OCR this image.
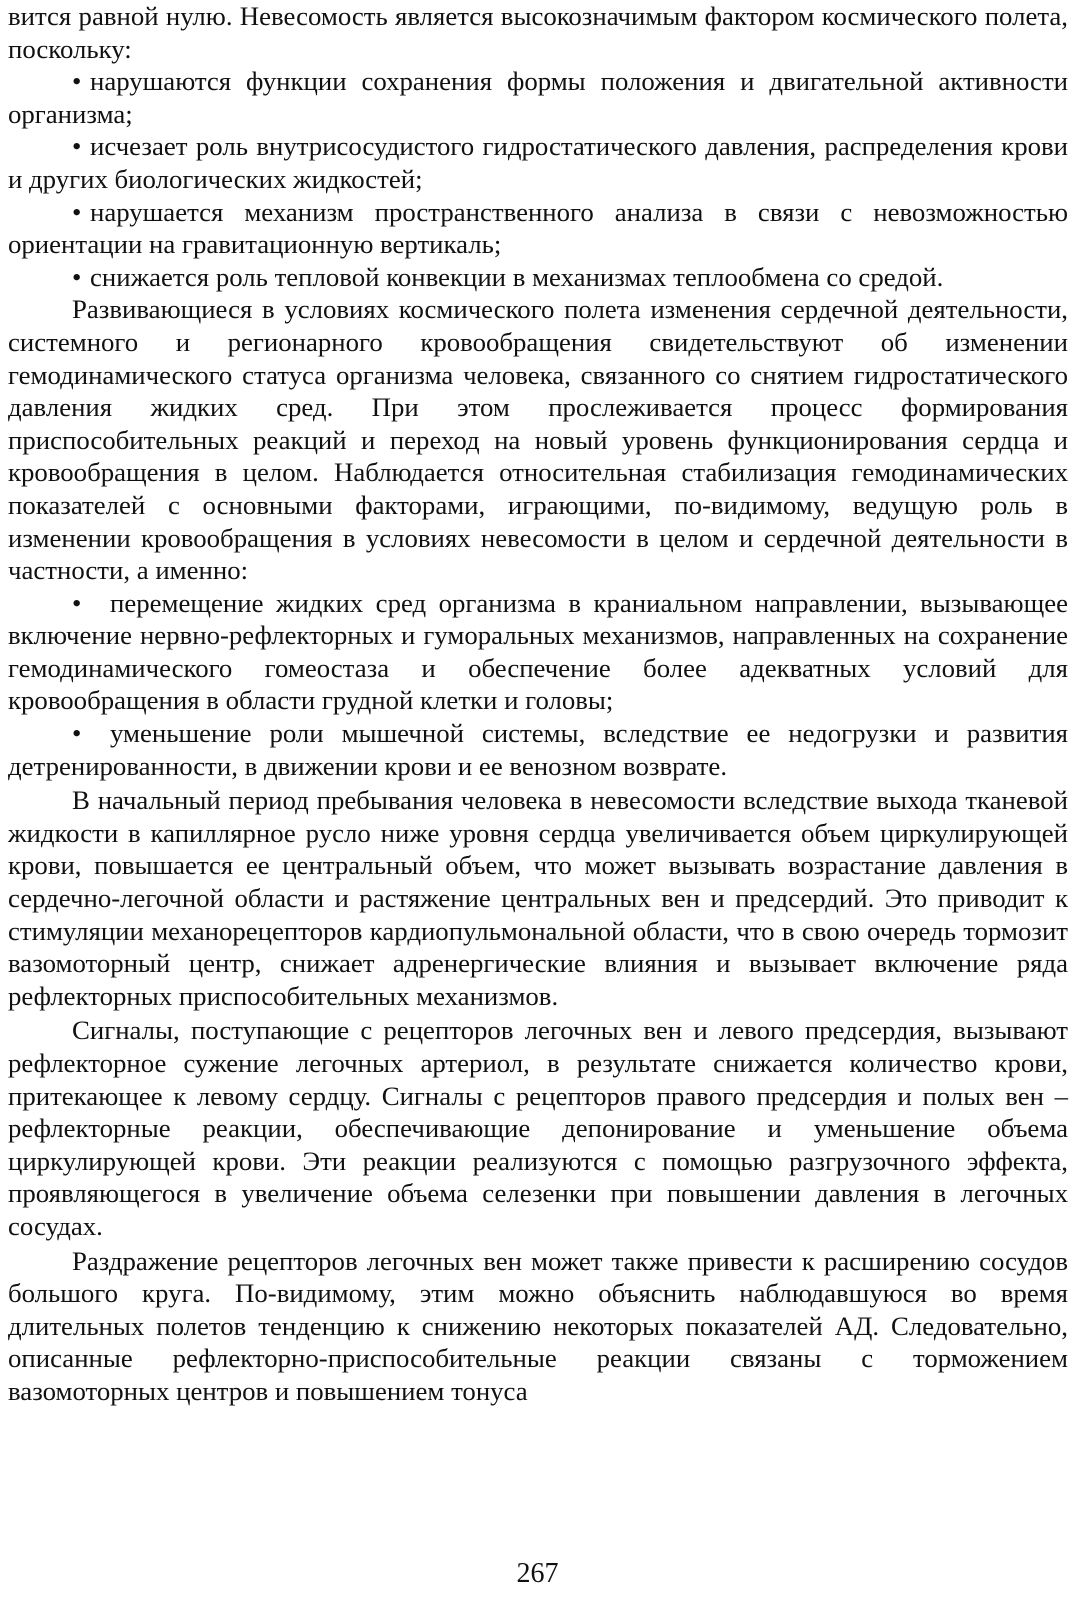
вится равной нулю. Невесомость является высокозначимым фактором космического полета, поскольку:

• нарушаются функции сохранения формы положения и двигательной активности организма;

• исчезает роль внутрисосудистого гидростатического давления, распределения крови и других биологических жидкостей;

• нарушается механизм пространственного анализа в связи с невозможностью ориентации на гравитационную вертикаль;

• снижается роль тепловой конвекции в механизмах теплообмена со средой.

Развивающиеся в условиях космического полета изменения сердечной деятельности, системного и регионарного кровообращения свидетельствуют об изменении гемодинамического статуса организма человека, связанного со снятием гидростатического давления жидких сред. При этом прослеживается процесс формирования приспособительных реакций и переход на новый уровень функционирования сердца и кровообращения в целом. Наблюдается относительная стабилизация гемодинамических показателей с основными факторами, играющими, по-видимому, ведущую роль в изменении кровообращения в условиях невесомости в целом и сердечной деятельности в частности, а именно:

• перемещение жидких сред организма в краниальном направлении, вызывающее включение нервно-рефлекторных и гуморальных механизмов, направленных на сохранение гемодинамического гомеостаза и обеспечение более адекватных условий для кровообращения в области грудной клетки и головы;

• уменьшение роли мышечной системы, вследствие ее недогрузки и развития детренированности, в движении крови и ее венозном возврате.

В начальный период пребывания человека в невесомости вследствие выхода тканевой жидкости в капиллярное русло ниже уровня сердца увеличивается объем циркулирующей крови, повышается ее центральный объем, что может вызывать возрастание давления в сердечно-легочной области и растяжение центральных вен и предсердий. Это приводит к стимуляции механорецепторов кардиопульмональной области, что в свою очередь тормозит вазомоторный центр, снижает адренергические влияния и вызывает включение ряда рефлекторных приспособительных механизмов.

Сигналы, поступающие с рецепторов легочных вен и левого предсердия, вызывают рефлекторное сужение легочных артериол, в результате снижается количество крови, притекающее к левому сердцу. Сигналы с рецепторов правого предсердия и полых вен – рефлекторные реакции, обеспечивающие депонирование и уменьшение объема циркулирующей крови. Эти реакции реализуются с помощью разгрузочного эффекта, проявляющегося в увеличение объема селезенки при повышении давления в легочных сосудах.

Раздражение рецепторов легочных вен может также привести к расширению сосудов большого круга. По-видимому, этим можно объяснить наблюдавшуюся во время длительных полетов тенденцию к снижению некоторых показателей АД. Следовательно, описанные рефлекторно-приспособительные реакции связаны с торможением вазомоторных центров и повышением тонуса

267
